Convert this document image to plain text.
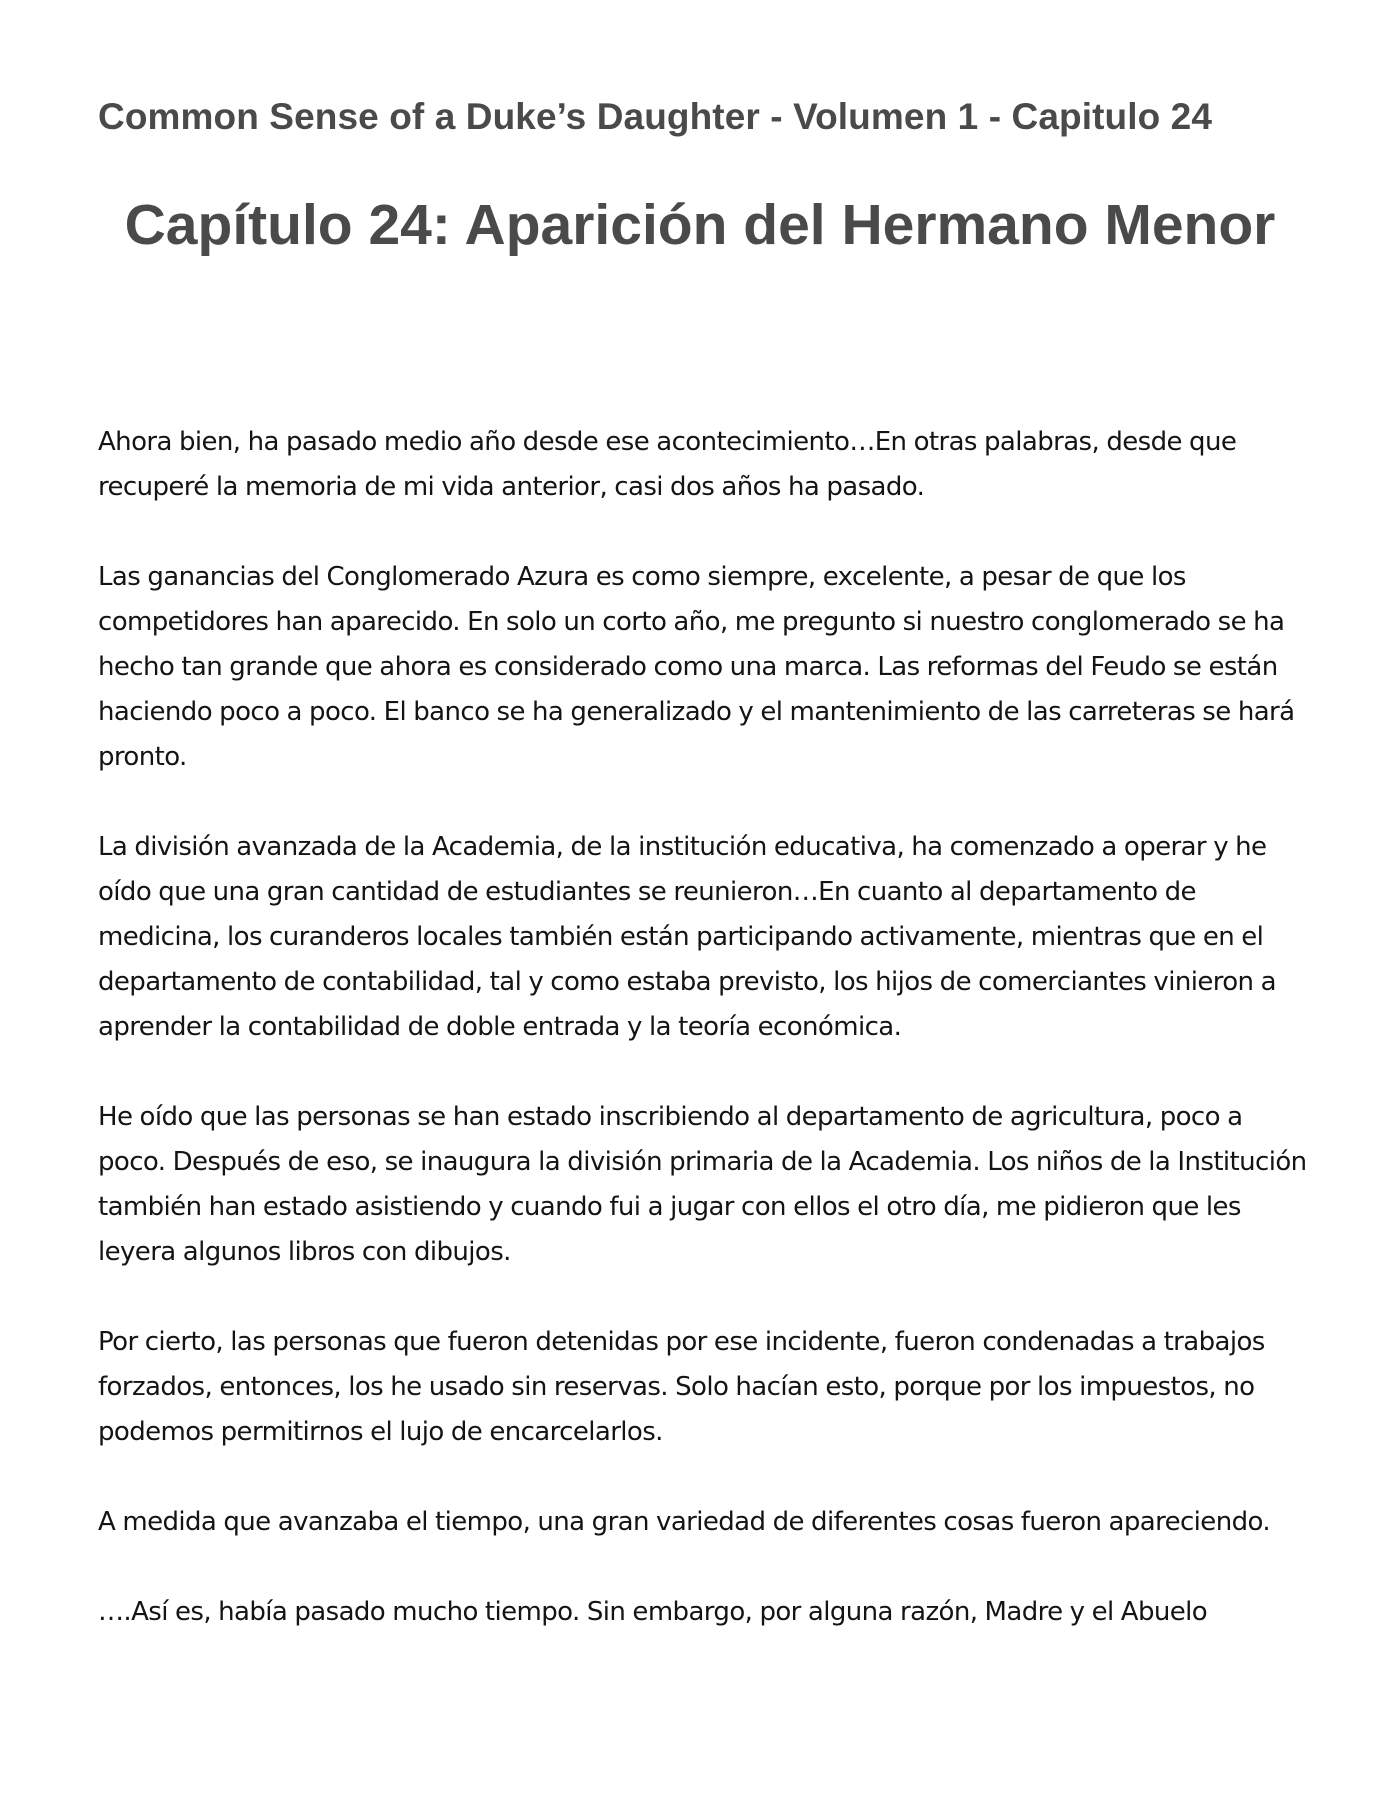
Common Sense of a Duke’s Daughter - Volumen 1 - Capitulo 24
Capítulo 24: Aparición del Hermano Menor

Ahora bien, ha pasado medio año desde ese acontecimiento…En otras palabras, desde que recuperé la memoria de mi vida anterior, casi dos años ha pasado.

Las ganancias del Conglomerado Azura es como siempre, excelente, a pesar de que los competidores han aparecido. En solo un corto año, me pregunto si nuestro conglomerado se ha hecho tan grande que ahora es considerado como una marca. Las reformas del Feudo se están haciendo poco a poco. El banco se ha generalizado y el mantenimiento de las carreteras se hará pronto.

La división avanzada de la Academia, de la institución educativa, ha comenzado a operar y he oído que una gran cantidad de estudiantes se reunieron…En cuanto al departamento de medicina, los curanderos locales también están participando activamente, mientras que en el departamento de contabilidad, tal y como estaba previsto, los hijos de comerciantes vinieron a aprender la contabilidad de doble entrada y la teoría económica.

He oído que las personas se han estado inscribiendo al departamento de agricultura, poco a poco. Después de eso, se inaugura la división primaria de la Academia. Los niños de la Institución también han estado asistiendo y cuando fui a jugar con ellos el otro día, me pidieron que les leyera algunos libros con dibujos.

Por cierto, las personas que fueron detenidas por ese incidente, fueron condenadas a trabajos forzados, entonces, los he usado sin reservas. Solo hacían esto, porque por los impuestos, no podemos permitirnos el lujo de encarcelarlos.

A medida que avanzaba el tiempo, una gran variedad de diferentes cosas fueron apareciendo.

….Así es, había pasado mucho tiempo. Sin embargo, por alguna razón, Madre y el Abuelo
